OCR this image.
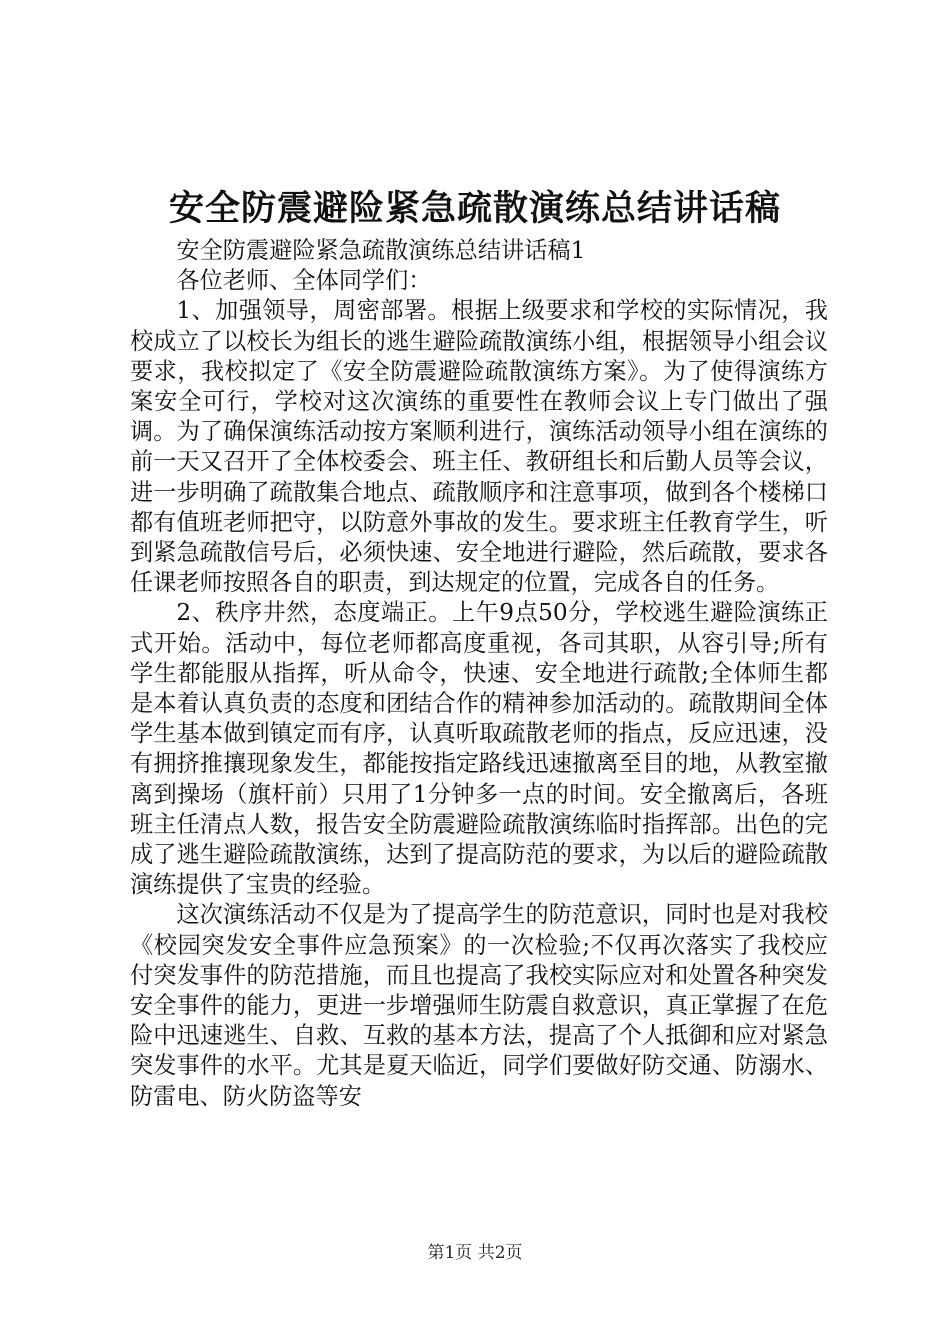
安全防震避险紧急疏散演练总结讲话稿

安全防震避险紧急疏散演练总结讲话稿1

各位老师、全体同学们：

1、加强领导，周密部署。根据上级要求和学校的实际情况，我校成立了以校长为组长的逃生避险疏散演练小组，根据领导小组会议要求，我校拟定了《安全防震避险疏散演练方案》。为了使得演练方案安全可行，学校对这次演练的重要性在教师会议上专门做出了强调。为了确保演练活动按方案顺利进行，演练活动领导小组在演练的前一天又召开了全体校委会、班主任、教研组长和后勤人员等会议，进一步明确了疏散集合地点、疏散顺序和注意事项，做到各个楼梯口都有值班老师把守，以防意外事故的发生。要求班主任教育学生，听到紧急疏散信号后，必须快速、安全地进行避险，然后疏散，要求各任课老师按照各自的职责，到达规定的位置，完成各自的任务。

2、秩序井然，态度端正。上午9点50分，学校逃生避险演练正式开始。活动中，每位老师都高度重视，各司其职，从容引导;所有学生都能服从指挥，听从命令，快速、安全地进行疏散;全体师生都是本着认真负责的态度和团结合作的精神参加活动的。疏散期间全体学生基本做到镇定而有序，认真听取疏散老师的指点，反应迅速，没有拥挤推攘现象发生，都能按指定路线迅速撤离至目的地，从教室撤离到操场（旗杆前）只用了1分钟多一点的时间。安全撤离后，各班班主任清点人数，报告安全防震避险疏散演练临时指挥部。出色的完成了逃生避险疏散演练，达到了提高防范的要求，为以后的避险疏散演练提供了宝贵的经验。

这次演练活动不仅是为了提高学生的防范意识，同时也是对我校《校园突发安全事件应急预案》的一次检验;不仅再次落实了我校应付突发事件的防范措施，而且也提高了我校实际应对和处置各种突发安全事件的能力，更进一步增强师生防震自救意识，真正掌握了在危险中迅速逃生、自救、互救的基本方法，提高了个人抵御和应对紧急突发事件的水平。尤其是夏天临近，同学们要做好防交通、防溺水、防雷电、防火防盗等安

第1页 共2页
